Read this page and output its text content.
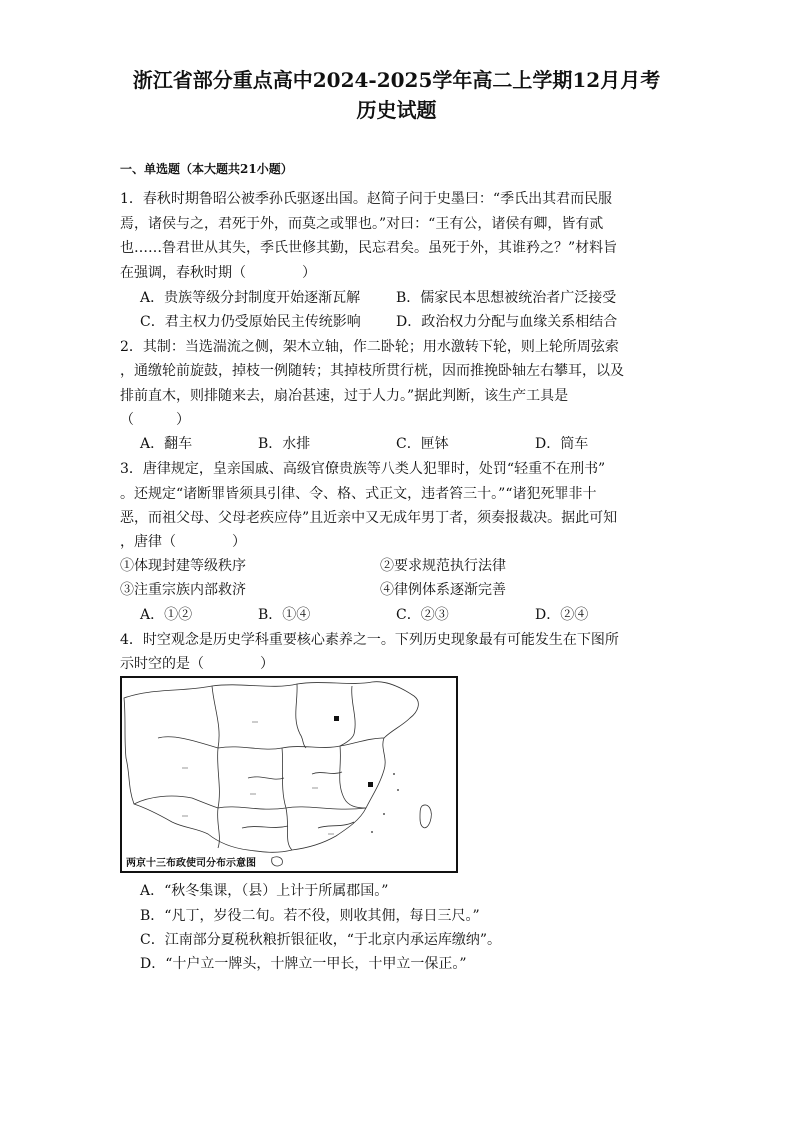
浙江省部分重点高中2024-2025学年高二上学期12月月考
历史试题
一、单选题（本大题共21小题）
1．春秋时期鲁昭公被季孙氏驱逐出国。赵简子问于史墨曰：“季氏出其君而民服
焉，诸侯与之，君死于外，而莫之或罪也。”对曰：“王有公，诸侯有卿，皆有贰
也……鲁君世从其失，季氏世修其勤，民忘君矣。虽死于外，其谁矜之？”材料旨
在强调，春秋时期（　　　　）
A．贵族等级分封制度开始逐渐瓦解	B．儒家民本思想被统治者广泛接受
C．君主权力仍受原始民主传统影响	D．政治权力分配与血缘关系相结合
2．其制：当选湍流之侧，架木立轴，作二卧轮；用水激转下轮，则上轮所周弦索
，通缴轮前旋鼓，掉枝一例随转；其掉枝所贯行桄，因而推挽卧轴左右攀耳，以及
排前直木，则排随来去，扇冶甚速，过于人力。”据此判断，该生产工具是
（　　　）
A．翻车	B．水排	C．匣钵	D．筒车
3．唐律规定，皇亲国戚、高级官僚贵族等八类人犯罪时，处罚“轻重不在刑书”
。还规定“诸断罪皆须具引律、令、格、式正文，违者笞三十。”“诸犯死罪非十
恶，而祖父母、父母老疾应侍”且近亲中又无成年男丁者，须奏报裁决。据此可知
，唐律（　　　　）
①体现封建等级秩序	②要求规范执行法律
③注重宗族内部救济	④律例体系逐渐完善
A．①②	B．①④	C．②③	D．②④
4．时空观念是历史学科重要核心素养之一。下列历史现象最有可能发生在下图所
示时空的是（　　　　）
两京十三布政使司分布示意图
A．“秋冬集课，（县）上计于所属郡国。”
B．“凡丁，岁役二旬。若不役，则收其佣，每日三尺。”
C．江南部分夏税秋粮折银征收，“于北京内承运库缴纳”。
D．“十户立一牌头，十牌立一甲长，十甲立一保正。”
